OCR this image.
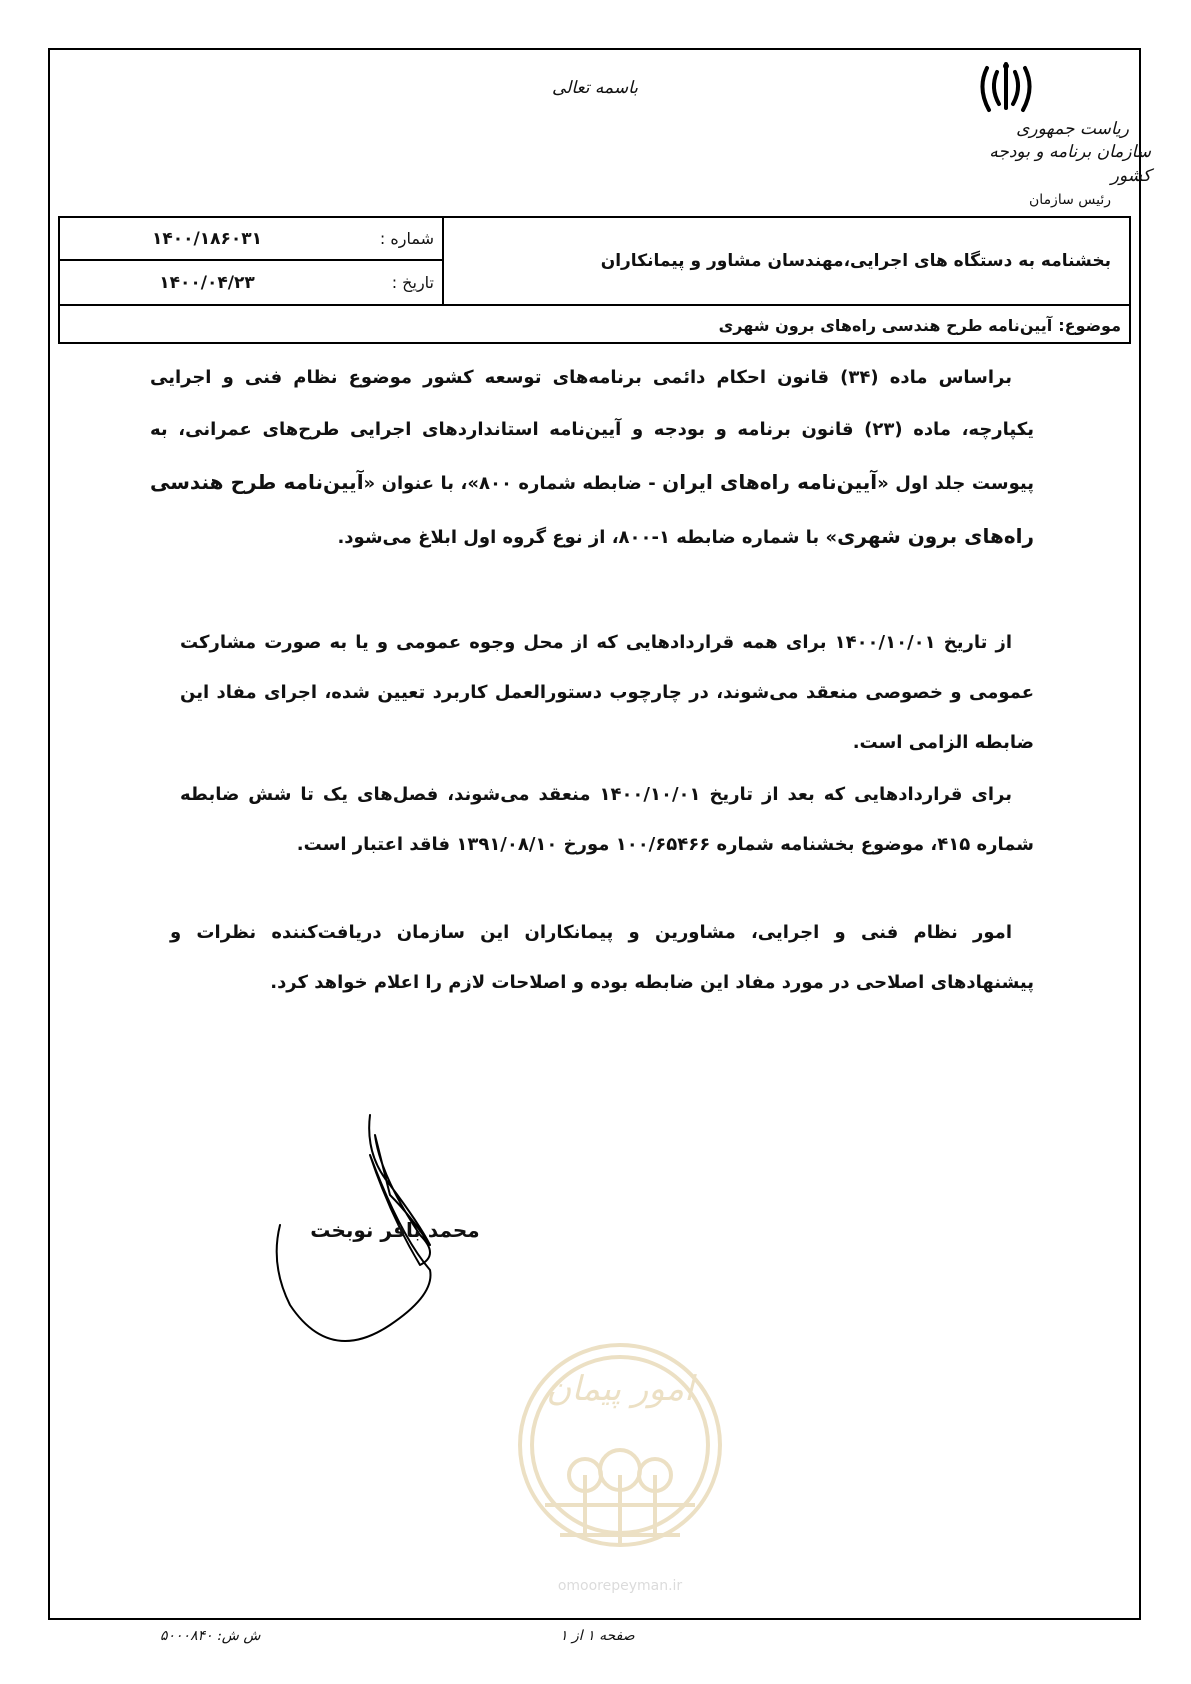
باسمه تعالی
ریاست جمهوری
سازمان برنامه و بودجه کشور
رئیس سازمان
بخشنامه به دستگاه های اجرایی،مهندسان مشاور و پیمانکاران
شماره :
۱۴۰۰/۱۸۶۰۳۱
تاریخ :
۱۴۰۰/۰۴/۲۳
موضوع:
آیین‌نامه طرح هندسی راه‌های برون شهری
براساس ماده (۳۴) قانون احکام دائمی برنامه‌های توسعه کشور موضوع نظام فنی و اجرایی یکپارچه، ماده (۲۳) قانون برنامه و بودجه و آیین‌نامه استانداردهای اجرایی طرح‌های عمرانی، به پیوست جلد اول «آیین‌نامه راه‌های ایران - ضابطه شماره ۸۰۰»، با عنوان «آیین‌نامه طرح هندسی راه‌های برون شهری» با شماره ضابطه ۱-۸۰۰، از نوع گروه اول ابلاغ می‌شود.
از تاریخ ۱۴۰۰/۱۰/۰۱ برای همه قراردادهایی که از محل وجوه عمومی و یا به صورت مشارکت عمومی و خصوصی منعقد می‌شوند، در چارچوب دستورالعمل کاربرد تعیین شده، اجرای مفاد این ضابطه الزامی است.
برای قراردادهایی که بعد از تاریخ ۱۴۰۰/۱۰/۰۱ منعقد می‌شوند، فصل‌های یک تا شش ضابطه شماره ۴۱۵، موضوع بخشنامه شماره ۱۰۰/۶۵۴۶۶ مورخ ۱۳۹۱/۰۸/۱۰ فاقد اعتبار است.
امور نظام فنی و اجرایی، مشاورین و پیمانکاران این سازمان دریافت‌کننده نظرات و پیشنهادهای اصلاحی در مورد مفاد این ضابطه بوده و اصلاحات لازم را اعلام خواهد کرد.
محمد باقر نوبخت
امور پیمان
omoorepeyman.ir
ش ش: ۵۰۰۰۸۴۰	صفحه ۱ از ۱
